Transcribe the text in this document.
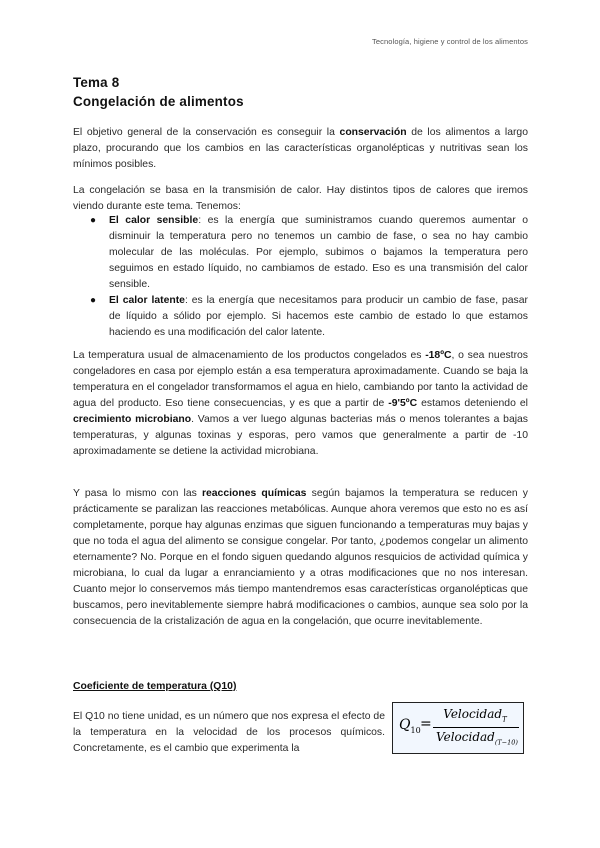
Tecnología, higiene y control de los alimentos
Tema 8
Congelación de alimentos
El objetivo general de la conservación es conseguir la conservación de los alimentos a largo plazo, procurando que los cambios en las características organolépticas y nutritivas sean los mínimos posibles.
La congelación se basa en la transmisión de calor. Hay distintos tipos de calores que iremos viendo durante este tema. Tenemos:
● El calor sensible: es la energía que suministramos cuando queremos aumentar o disminuir la temperatura pero no tenemos un cambio de fase, o sea no hay cambio molecular de las moléculas. Por ejemplo, subimos o bajamos la temperatura pero seguimos en estado líquido, no cambiamos de estado. Eso es una transmisión del calor sensible.
● El calor latente: es la energía que necesitamos para producir un cambio de fase, pasar de líquido a sólido por ejemplo. Si hacemos este cambio de estado lo que estamos haciendo es una modificación del calor latente.
La temperatura usual de almacenamiento de los productos congelados es -18ºC, o sea nuestros congeladores en casa por ejemplo están a esa temperatura aproximadamente. Cuando se baja la temperatura en el congelador transformamos el agua en hielo, cambiando por tanto la actividad de agua del producto. Eso tiene consecuencias, y es que a partir de -9'5ºC estamos deteniendo el crecimiento microbiano. Vamos a ver luego algunas bacterias más o menos tolerantes a bajas temperaturas, y algunas toxinas y esporas, pero vamos que generalmente a partir de -10 aproximadamente se detiene la actividad microbiana.
Y pasa lo mismo con las reacciones químicas según bajamos la temperatura se reducen y prácticamente se paralizan las reacciones metabólicas. Aunque ahora veremos que esto no es así completamente, porque hay algunas enzimas que siguen funcionando a temperaturas muy bajas y que no toda el agua del alimento se consigue congelar. Por tanto, ¿podemos congelar un alimento eternamente? No. Porque en el fondo siguen quedando algunos resquicios de actividad química y microbiana, lo cual da lugar a enranciamiento y a otras modificaciones que no nos interesan. Cuanto mejor lo conservemos más tiempo mantendremos esas características organolépticas que buscamos, pero inevitablemente siempre habrá modificaciones o cambios, aunque sea solo por la consecuencia de la cristalización de agua en la congelación, que ocurre inevitablemente.
Coeficiente de temperatura (Q10)
El Q10 no tiene unidad, es un número que nos expresa el efecto de la temperatura en la velocidad de los procesos químicos. Concretamente, es el cambio que experimenta la
$Q_{10}$ =
Velocidad$_T$
Velocidad$_{(T-10)}$
